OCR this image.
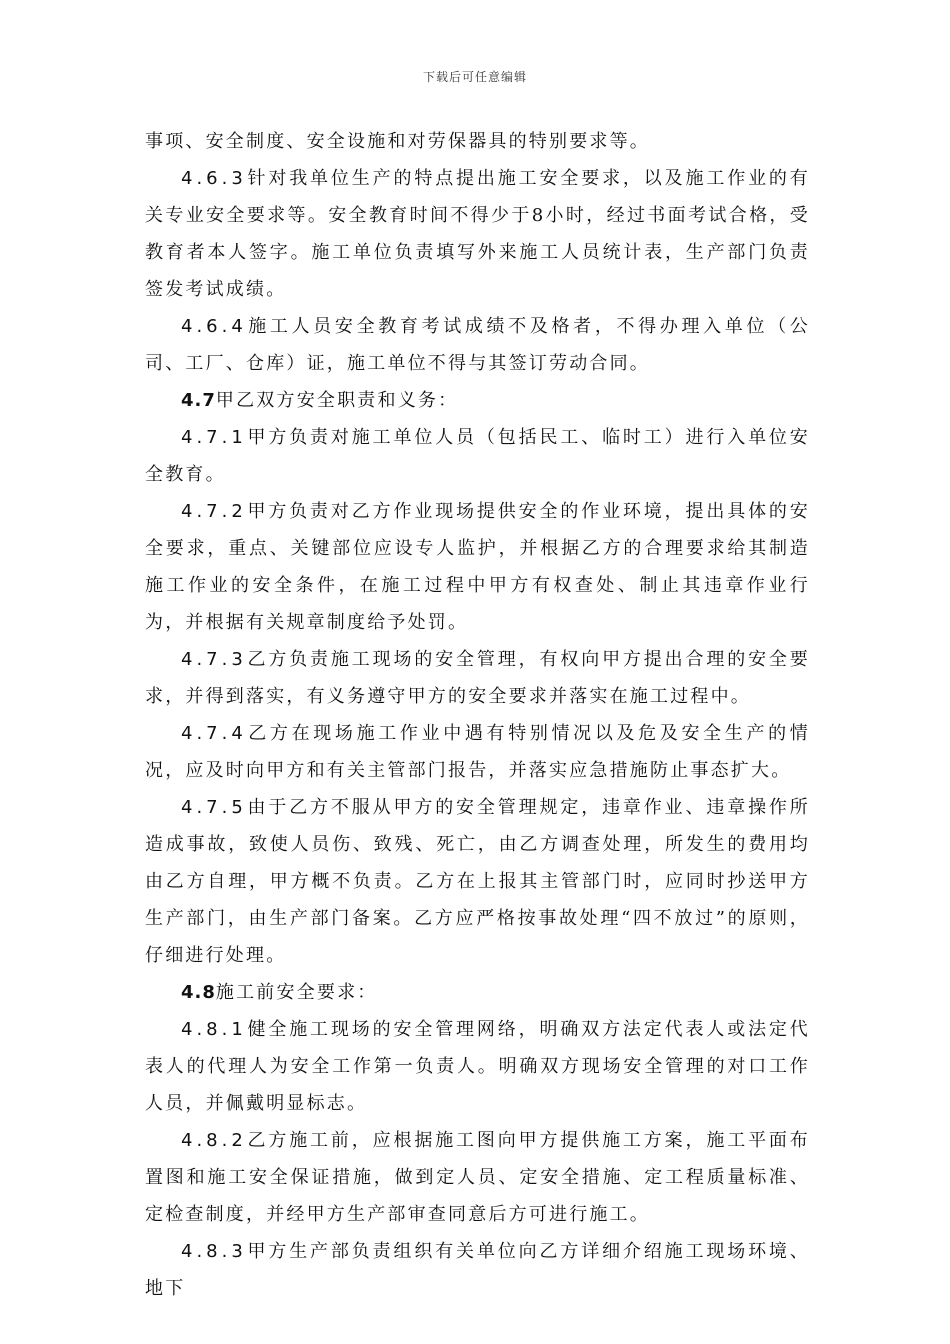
下载后可任意编辑

事项、安全制度、安全设施和对劳保器具的特别要求等。

4.6.3针对我单位生产的特点提出施工安全要求，以及施工作业的有关专业安全要求等。安全教育时间不得少于8小时，经过书面考试合格，受教育者本人签字。施工单位负责填写外来施工人员统计表，生产部门负责签发考试成绩。

4.6.4施工人员安全教育考试成绩不及格者，不得办理入单位（公司、工厂、仓库）证，施工单位不得与其签订劳动合同。

4.7甲乙双方安全职责和义务：

4.7.1甲方负责对施工单位人员（包括民工、临时工）进行入单位安全教育。

4.7.2甲方负责对乙方作业现场提供安全的作业环境，提出具体的安全要求，重点、关键部位应设专人监护，并根据乙方的合理要求给其制造施工作业的安全条件，在施工过程中甲方有权查处、制止其违章作业行为，并根据有关规章制度给予处罚。

4.7.3乙方负责施工现场的安全管理，有权向甲方提出合理的安全要求，并得到落实，有义务遵守甲方的安全要求并落实在施工过程中。

4.7.4乙方在现场施工作业中遇有特别情况以及危及安全生产的情况，应及时向甲方和有关主管部门报告，并落实应急措施防止事态扩大。

4.7.5由于乙方不服从甲方的安全管理规定，违章作业、违章操作所造成事故，致使人员伤、致残、死亡，由乙方调查处理，所发生的费用均由乙方自理，甲方概不负责。乙方在上报其主管部门时，应同时抄送甲方生产部门，由生产部门备案。乙方应严格按事故处理“四不放过”的原则，仔细进行处理。

4.8施工前安全要求：

4.8.1健全施工现场的安全管理网络，明确双方法定代表人或法定代表人的代理人为安全工作第一负责人。明确双方现场安全管理的对口工作人员，并佩戴明显标志。

4.8.2乙方施工前，应根据施工图向甲方提供施工方案，施工平面布置图和施工安全保证措施，做到定人员、定安全措施、定工程质量标准、定检查制度，并经甲方生产部审查同意后方可进行施工。

4.8.3甲方生产部负责组织有关单位向乙方详细介绍施工现场环境、地下
